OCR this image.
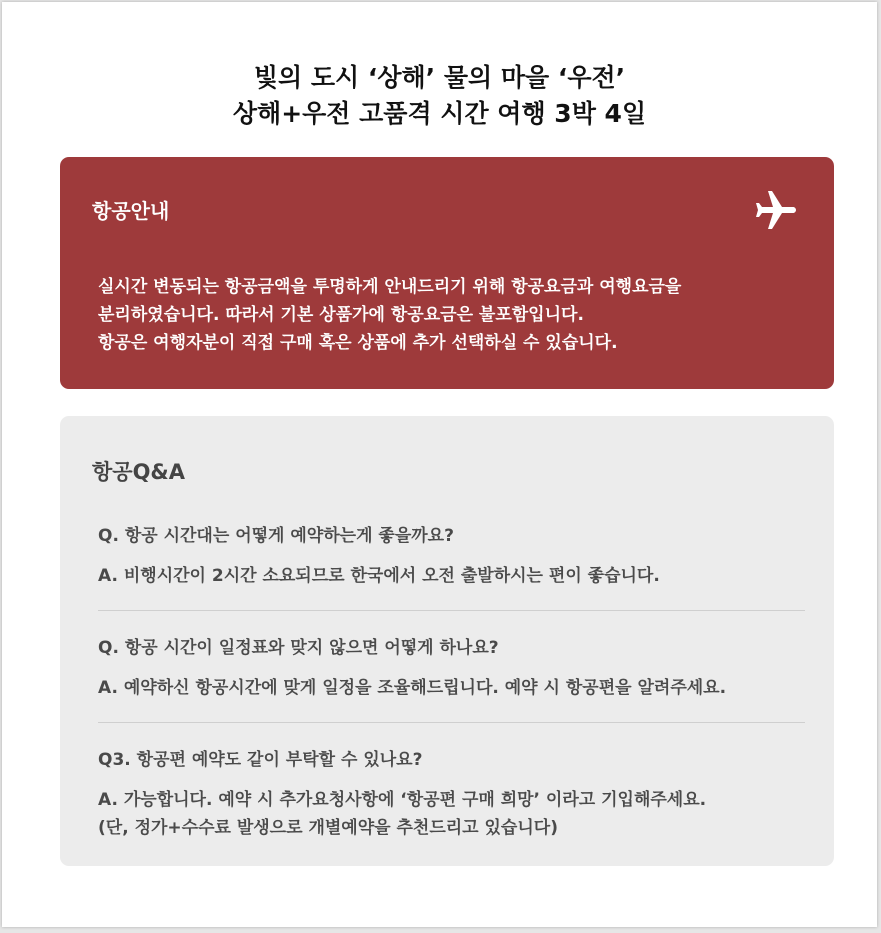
빛의 도시 ‘상해’ 물의 마을 ‘우전’
상해+우전 고품격 시간 여행 3박 4일
항공안내
실시간 변동되는 항공금액을 투명하게 안내드리기 위해 항공요금과 여행요금을
분리하였습니다. 따라서 기본 상품가에 항공요금은 불포함입니다.
항공은 여행자분이 직접 구매 혹은 상품에 추가 선택하실 수 있습니다.
항공Q&A
Q. 항공 시간대는 어떻게 예약하는게 좋을까요?
A. 비행시간이 2시간 소요되므로 한국에서 오전 출발하시는 편이 좋습니다.
Q. 항공 시간이 일정표와 맞지 않으면 어떻게 하나요?
A. 예약하신 항공시간에 맞게 일정을 조율해드립니다. 예약 시 항공편을 알려주세요.
Q3. 항공편 예약도 같이 부탁할 수 있나요?
A. 가능합니다. 예약 시 추가요청사항에 ‘항공편 구매 희망’ 이라고 기입해주세요.
(단, 정가+수수료 발생으로 개별예약을 추천드리고 있습니다)
